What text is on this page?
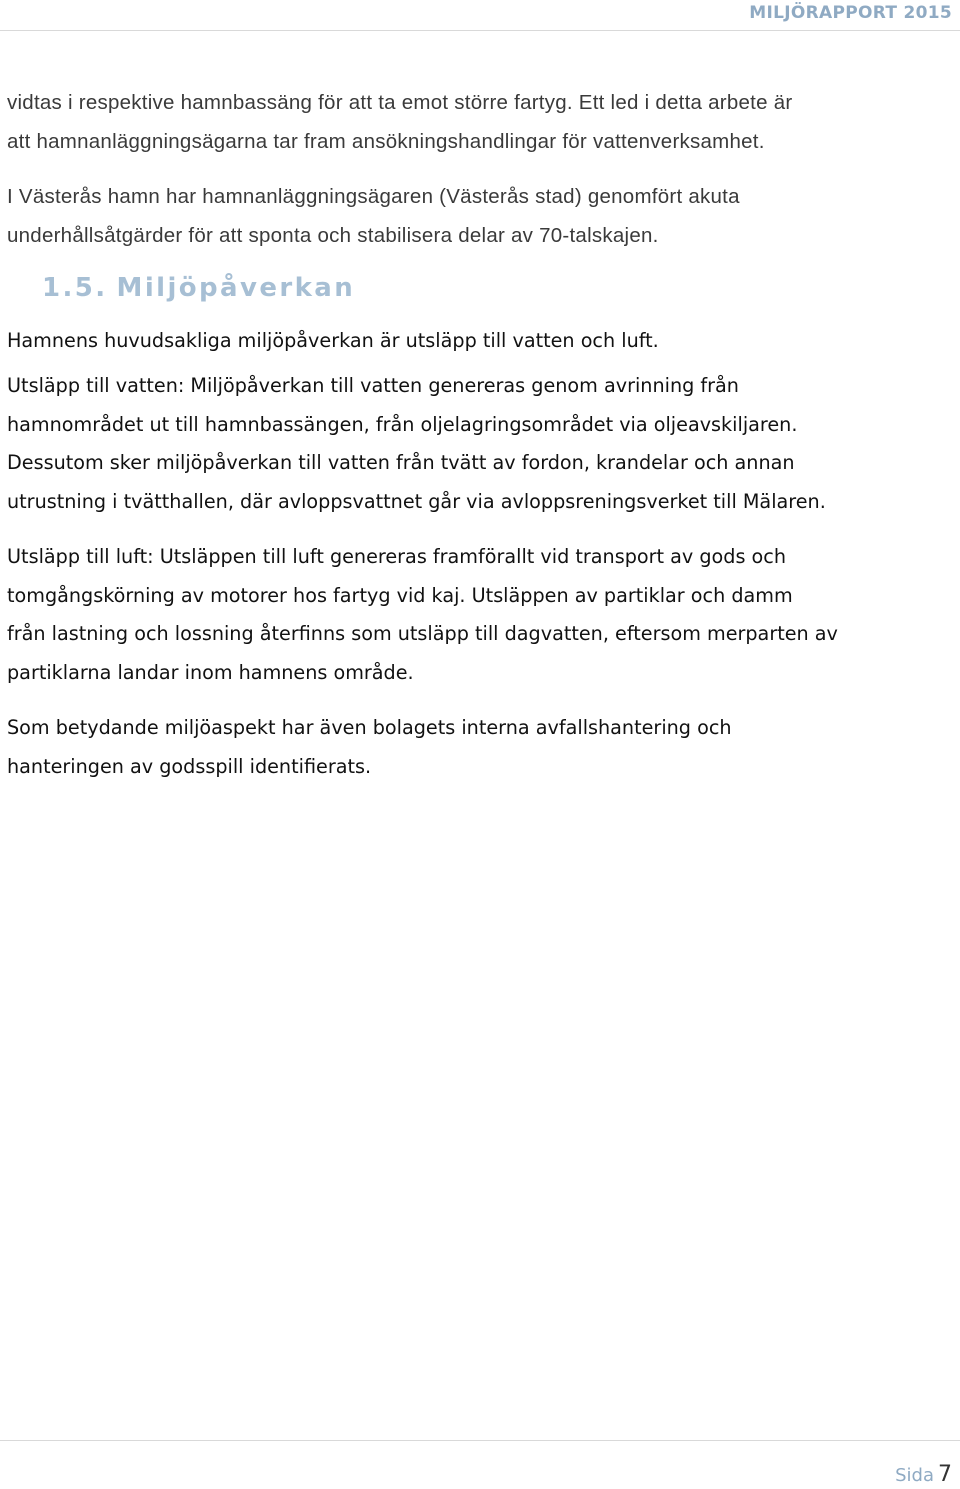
MILJÖRAPPORT 2015

vidtas i respektive hamnbassäng för att ta emot större fartyg. Ett led i detta arbete är
att hamnanläggningsägarna tar fram ansökningshandlingar för vattenverksamhet.

I Västerås hamn har hamnanläggningsägaren (Västerås stad) genomfört akuta
underhållsåtgärder för att sponta och stabilisera delar av 70-talskajen.

1.5. Miljöpåverkan

Hamnens huvudsakliga miljöpåverkan är utsläpp till vatten och luft.

Utsläpp till vatten: Miljöpåverkan till vatten genereras genom avrinning från
hamnområdet ut till hamnbassängen, från oljelagringsområdet via oljeavskiljaren.
Dessutom sker miljöpåverkan till vatten från tvätt av fordon, krandelar och annan
utrustning i tvätthallen, där avloppsvattnet går via avloppsreningsverket till Mälaren.

Utsläpp till luft: Utsläppen till luft genereras framförallt vid transport av gods och
tomgångskörning av motorer hos fartyg vid kaj. Utsläppen av partiklar och damm
från lastning och lossning återfinns som utsläpp till dagvatten, eftersom merparten av
partiklarna landar inom hamnens område.

Som betydande miljöaspekt har även bolagets interna avfallshantering och
hanteringen av godsspill identifierats.

Sida 7
